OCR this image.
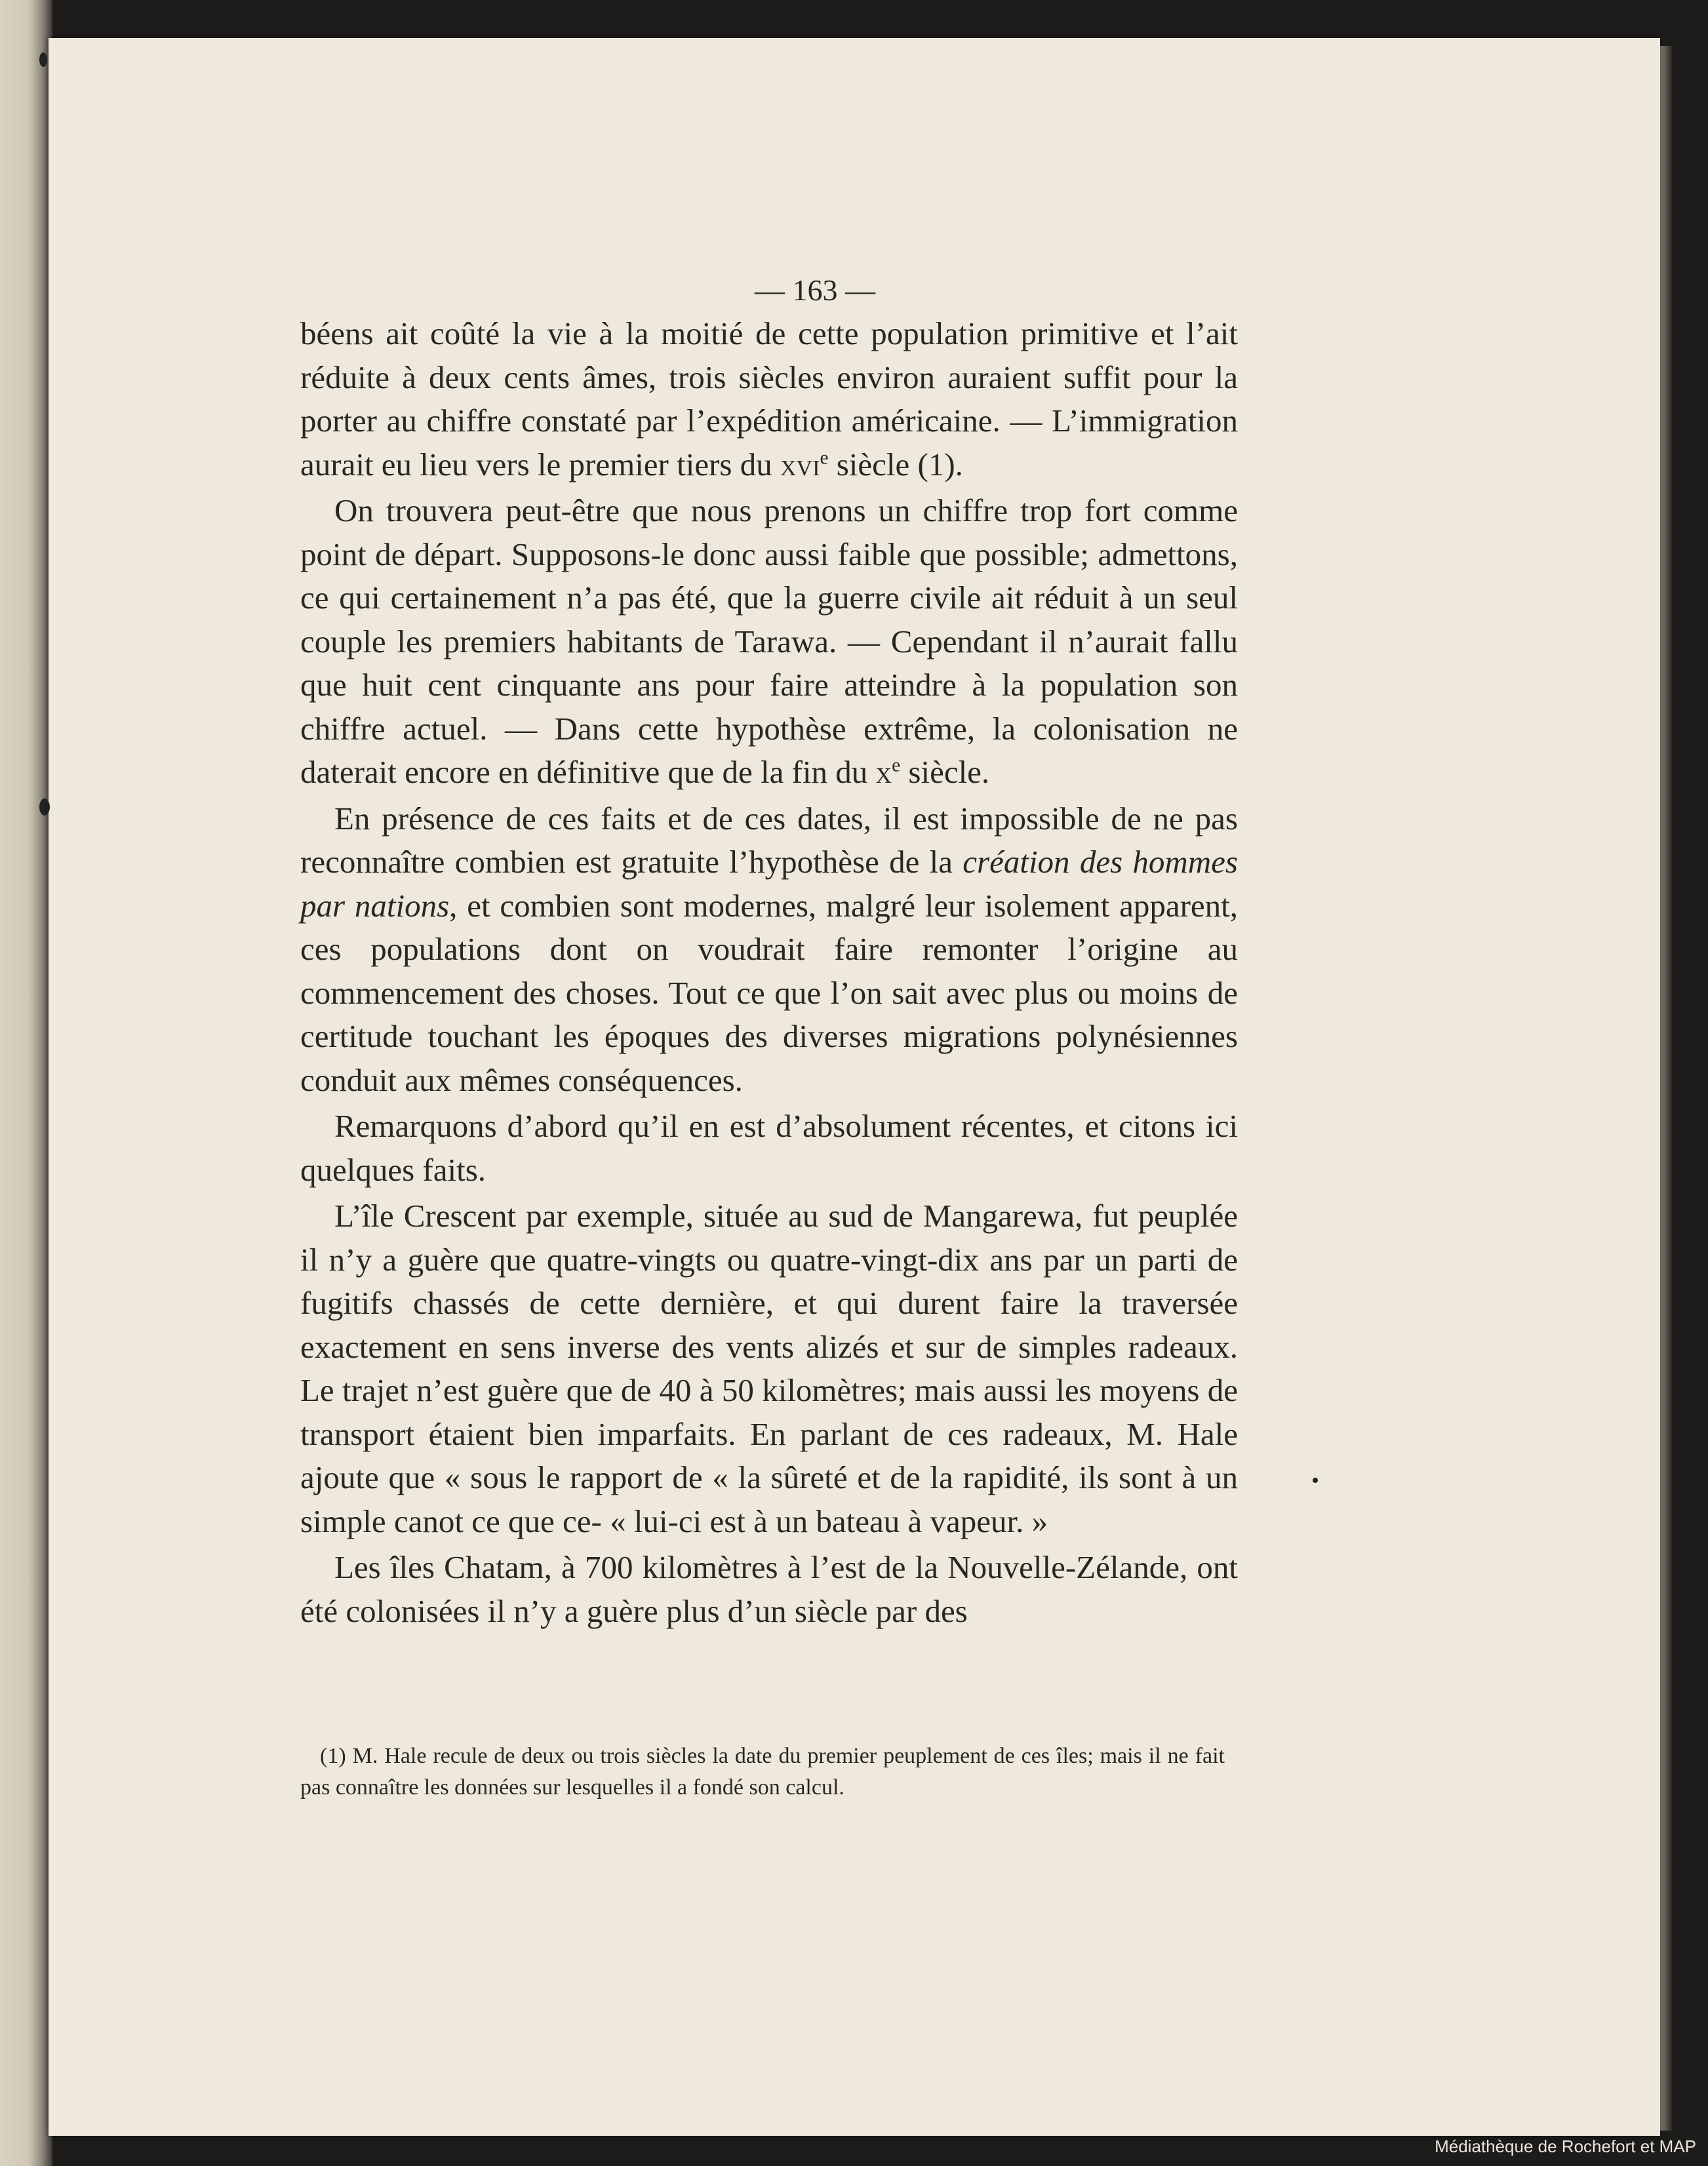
— 163 —

béens ait coûté la vie à la moitié de cette population primitive et l’ait réduite à deux cents âmes, trois siècles environ auraient suffit pour la porter au chiffre constaté par l’expédition américaine. — L’immigration aurait eu lieu vers le premier tiers du xvi$^e$ siècle (1).

On trouvera peut-être que nous prenons un chiffre trop fort comme point de départ. Supposons-le donc aussi faible que possible; admettons, ce qui certainement n’a pas été, que la guerre civile ait réduit à un seul couple les premiers habitants de Tarawa. — Cependant il n’aurait fallu que huit cent cinquante ans pour faire atteindre à la population son chiffre actuel. — Dans cette hypothèse extrême, la colonisation ne daterait encore en définitive que de la fin du $x^e$ siècle.

En présence de ces faits et de ces dates, il est impossible de ne pas reconnaître combien est gratuite l’hypothèse de la création des hommes par nations, et combien sont modernes, malgré leur isolement apparent, ces populations dont on voudrait faire remonter l’origine au commencement des choses. Tout ce que l’on sait avec plus ou moins de certitude touchant les époques des diverses migrations polynésiennes conduit aux mêmes conséquences.

Remarquons d’abord qu’il en est d’absolument récentes, et citons ici quelques faits.

L’île Crescent par exemple, située au sud de Mangarewa, fut peuplée il n’y a guère que quatre-vingts ou quatre-vingt-dix ans par un parti de fugitifs chassés de cette dernière, et qui durent faire la traversée exactement en sens inverse des vents alizés et sur de simples radeaux. Le trajet n’est guère que de 40 à 50 kilomètres; mais aussi les moyens de transport étaient bien imparfaits. En parlant de ces radeaux, M. Hale ajoute que « sous le rapport de « la sûreté et de la rapidité, ils sont à un simple canot ce que ce- « lui-ci est à un bateau à vapeur. »

Les îles Chatam, à 700 kilomètres à l’est de la Nouvelle-Zélande, ont été colonisées il n’y a guère plus d’un siècle par des

(1) M. Hale recule de deux ou trois siècles la date du premier peuplement de ces îles; mais il ne fait pas connaître les données sur lesquelles il a fondé son calcul.
Médiathèque de Rochefort et MAP
